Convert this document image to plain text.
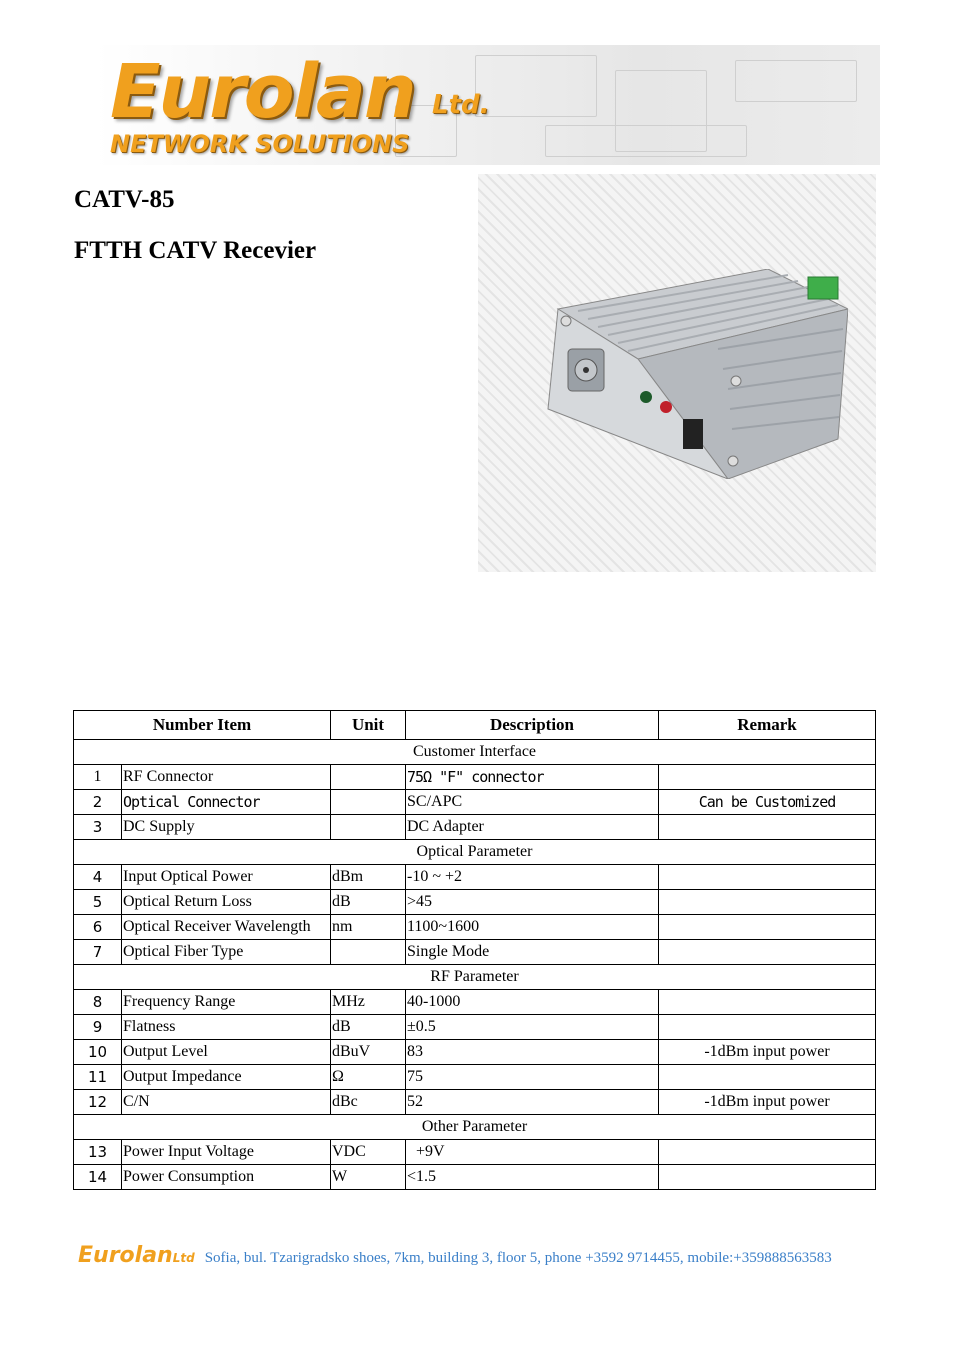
Eurolan Ltd.
NETWORK SOLUTIONS
CATV-85
FTTH CATV Recevier
Number Item		Unit	Description	Remark
Customer Interface				
1	RF Connector		75Ω "F" connector	
2	Optical Connector		SC/APC	Can be Customized
3	DC Supply		DC Adapter	
Optical Parameter				
4	Input Optical Power	dBm	-10 ~ +2	
5	Optical Return Loss	dB	>45	
6	Optical Receiver Wavelength	nm	1100~1600	
7	Optical Fiber Type		Single Mode	
RF Parameter				
8	Frequency Range	MHz	40-1000	
9	Flatness	dB	±0.5	
10	Output Level	dBuV	83	-1dBm input power
11	Output Impedance	Ω	75	
12	C/N	dBc	52	-1dBm input power
Other Parameter				
13	Power Input Voltage	VDC	+9V	
14	Power Consumption	W	<1.5	
EurolanLtd Sofia, bul. Tzarigradsko shoes, 7km, building 3, floor 5, phone +3592 9714455, mobile:+359888563583
